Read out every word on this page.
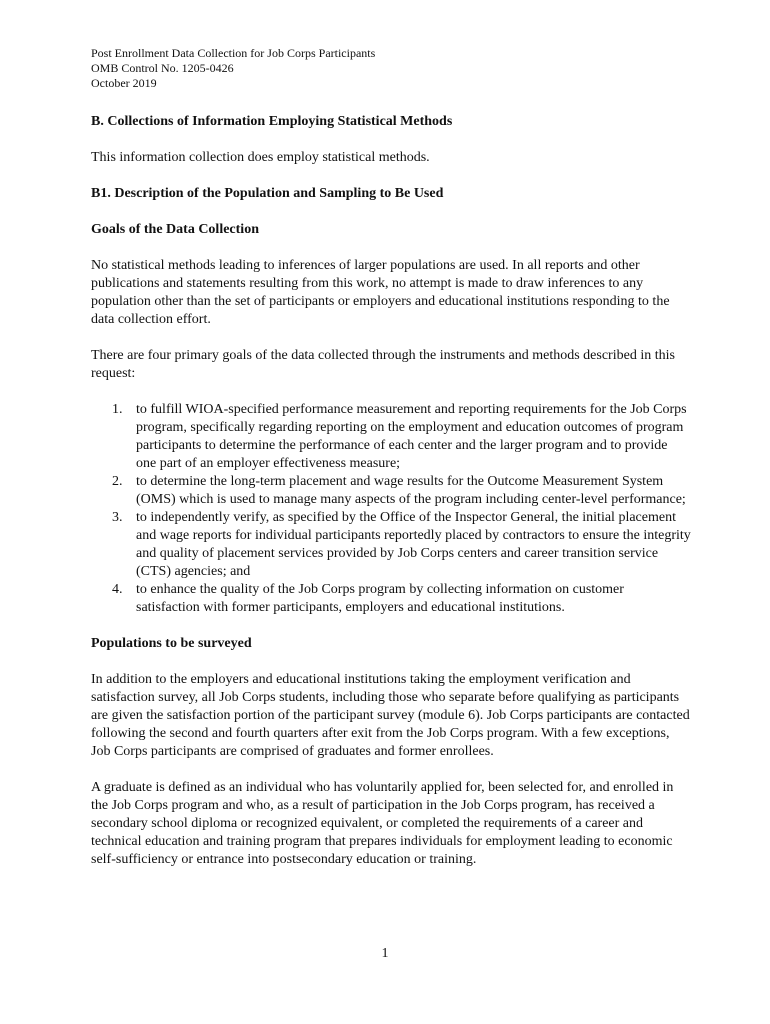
Post Enrollment Data Collection for Job Corps Participants
OMB Control No. 1205-0426
October 2019
B. Collections of Information Employing Statistical Methods

This information collection does employ statistical methods.

B1. Description of the Population and Sampling to Be Used
Goals of the Data Collection

No statistical methods leading to inferences of larger populations are used. In all reports and other publications and statements resulting from this work, no attempt is made to draw inferences to any population other than the set of participants or employers and educational institutions responding to the data collection effort.

There are four primary goals of the data collected through the instruments and methods described in this request:

1. to fulfill WIOA-specified performance measurement and reporting requirements for the Job Corps program, specifically regarding reporting on the employment and education outcomes of program participants to determine the performance of each center and the larger program and to provide one part of an employer effectiveness measure;
2. to determine the long-term placement and wage results for the Outcome Measurement System (OMS) which is used to manage many aspects of the program including center-level performance;
3. to independently verify, as specified by the Office of the Inspector General, the initial placement and wage reports for individual participants reportedly placed by contractors to ensure the integrity and quality of placement services provided by Job Corps centers and career transition service (CTS) agencies; and
4. to enhance the quality of the Job Corps program by collecting information on customer satisfaction with former participants, employers and educational institutions.
Populations to be surveyed

In addition to the employers and educational institutions taking the employment verification and satisfaction survey, all Job Corps students, including those who separate before qualifying as participants are given the satisfaction portion of the participant survey (module 6). Job Corps participants are contacted following the second and fourth quarters after exit from the Job Corps program. With a few exceptions, Job Corps participants are comprised of graduates and former enrollees.

A graduate is defined as an individual who has voluntarily applied for, been selected for, and enrolled in the Job Corps program and who, as a result of participation in the Job Corps program, has received a secondary school diploma or recognized equivalent, or completed the requirements of a career and technical education and training program that prepares individuals for employment leading to economic self-sufficiency or entrance into postsecondary education or training.

1
